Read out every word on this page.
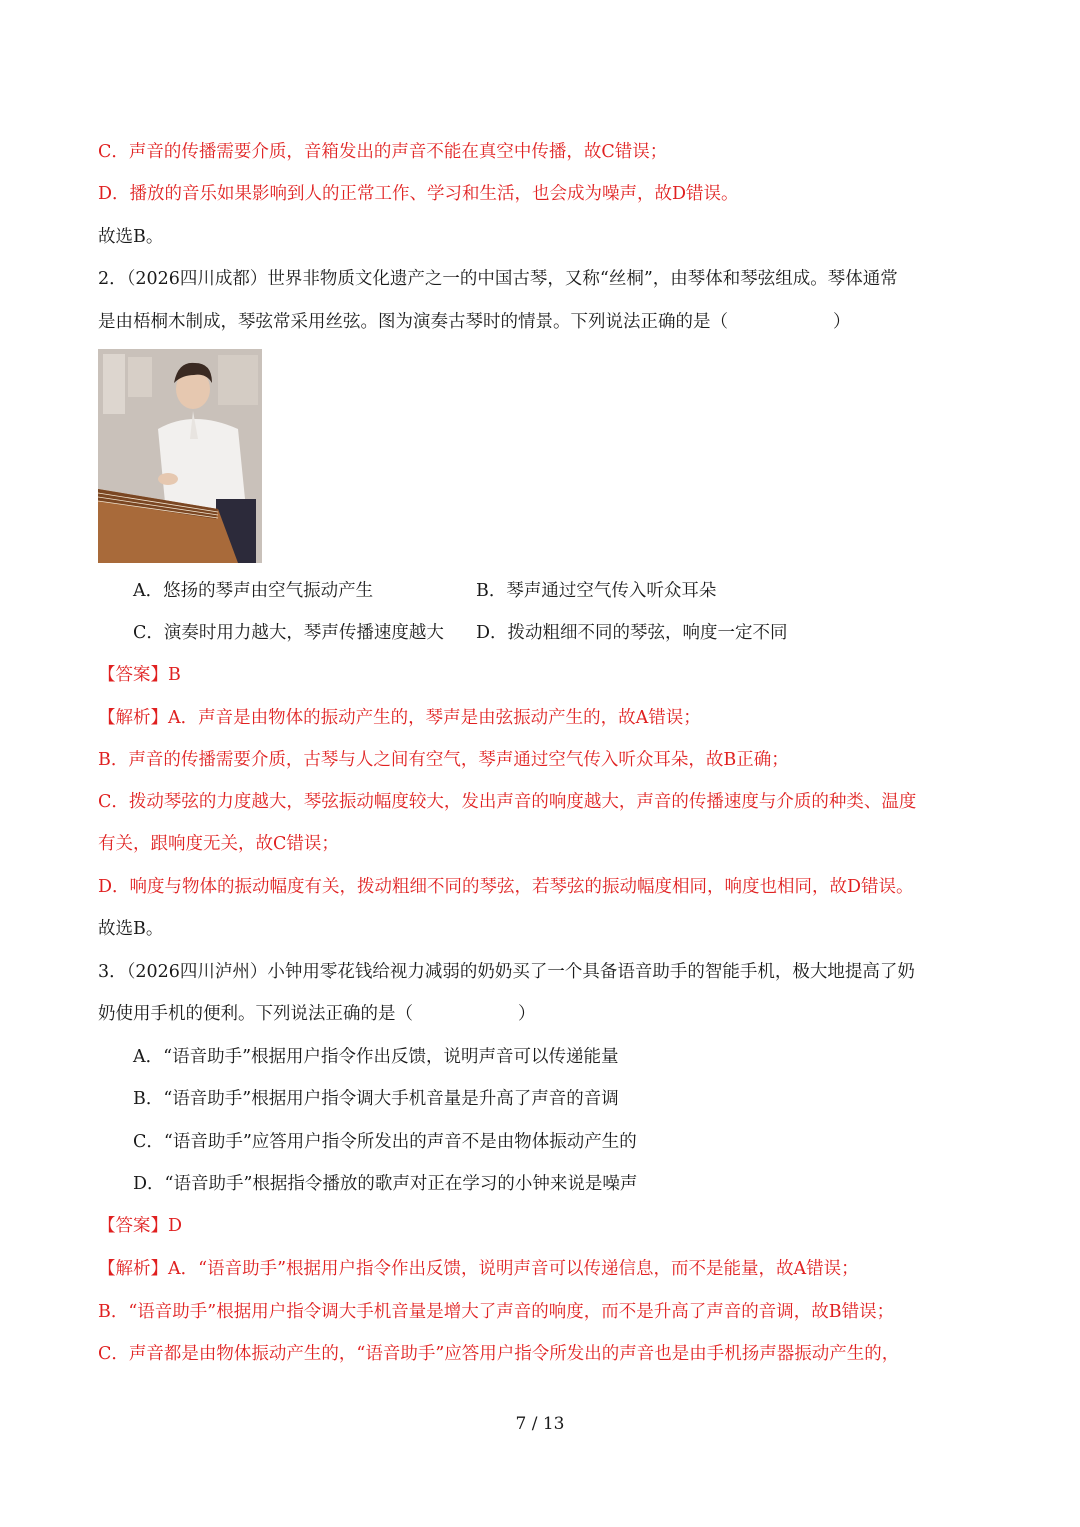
C．声音的传播需要介质，音箱发出的声音不能在真空中传播，故C错误；
D．播放的音乐如果影响到人的正常工作、学习和生活，也会成为噪声，故D错误。
故选B。
2．（2026四川成都）世界非物质文化遗产之一的中国古琴，又称“丝桐”，由琴体和琴弦组成。琴体通常
是由梧桐木制成，琴弦常采用丝弦。图为演奏古琴时的情景。下列说法正确的是（　　　　　　）
A．悠扬的琴声由空气振动产生	B．琴声通过空气传入听众耳朵
C．演奏时用力越大，琴声传播速度越大 D．拨动粗细不同的琴弦，响度一定不同
【答案】B
【解析】A．声音是由物体的振动产生的，琴声是由弦振动产生的，故A错误；
B．声音的传播需要介质，古琴与人之间有空气，琴声通过空气传入听众耳朵，故B正确；
C．拨动琴弦的力度越大，琴弦振动幅度较大，发出声音的响度越大，声音的传播速度与介质的种类、温度
有关，跟响度无关，故C错误；
D．响度与物体的振动幅度有关，拨动粗细不同的琴弦，若琴弦的振动幅度相同，响度也相同，故D错误。
故选B。
3．（2026四川泸州）小钟用零花钱给视力减弱的奶奶买了一个具备语音助手的智能手机，极大地提高了奶
奶使用手机的便利。下列说法正确的是（　　　　　　）
A．“语音助手”根据用户指令作出反馈，说明声音可以传递能量
B．“语音助手”根据用户指令调大手机音量是升高了声音的音调
C．“语音助手”应答用户指令所发出的声音不是由物体振动产生的
D．“语音助手”根据指令播放的歌声对正在学习的小钟来说是噪声
【答案】D
【解析】A．“语音助手”根据用户指令作出反馈，说明声音可以传递信息，而不是能量，故A错误；
B．“语音助手”根据用户指令调大手机音量是增大了声音的响度，而不是升高了声音的音调，故B错误；
C．声音都是由物体振动产生的，“语音助手”应答用户指令所发出的声音也是由手机扬声器振动产生的，
7 / 13
